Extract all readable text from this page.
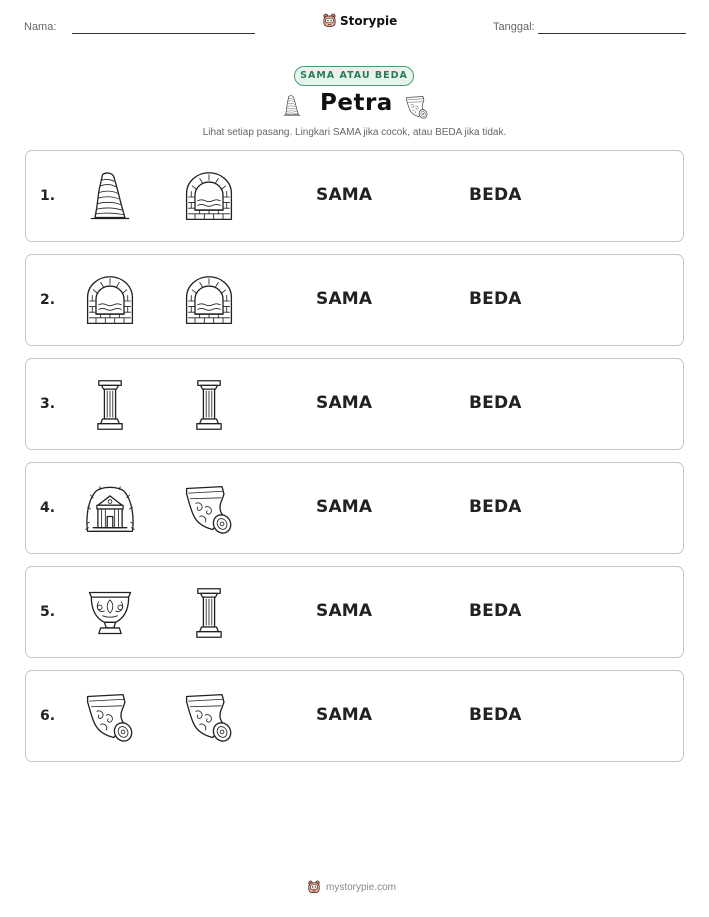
Nama:	Storypie	Tanggal:
SAMA ATAU BEDA
Petra
Lihat setiap pasang. Lingkari SAMA jika cocok, atau BEDA jika tidak.
1.	SAMA	BEDA
2.	SAMA	BEDA
3.	SAMA	BEDA
4.	SAMA	BEDA
5.	SAMA	BEDA
6.	SAMA	BEDA
mystorypie.com
